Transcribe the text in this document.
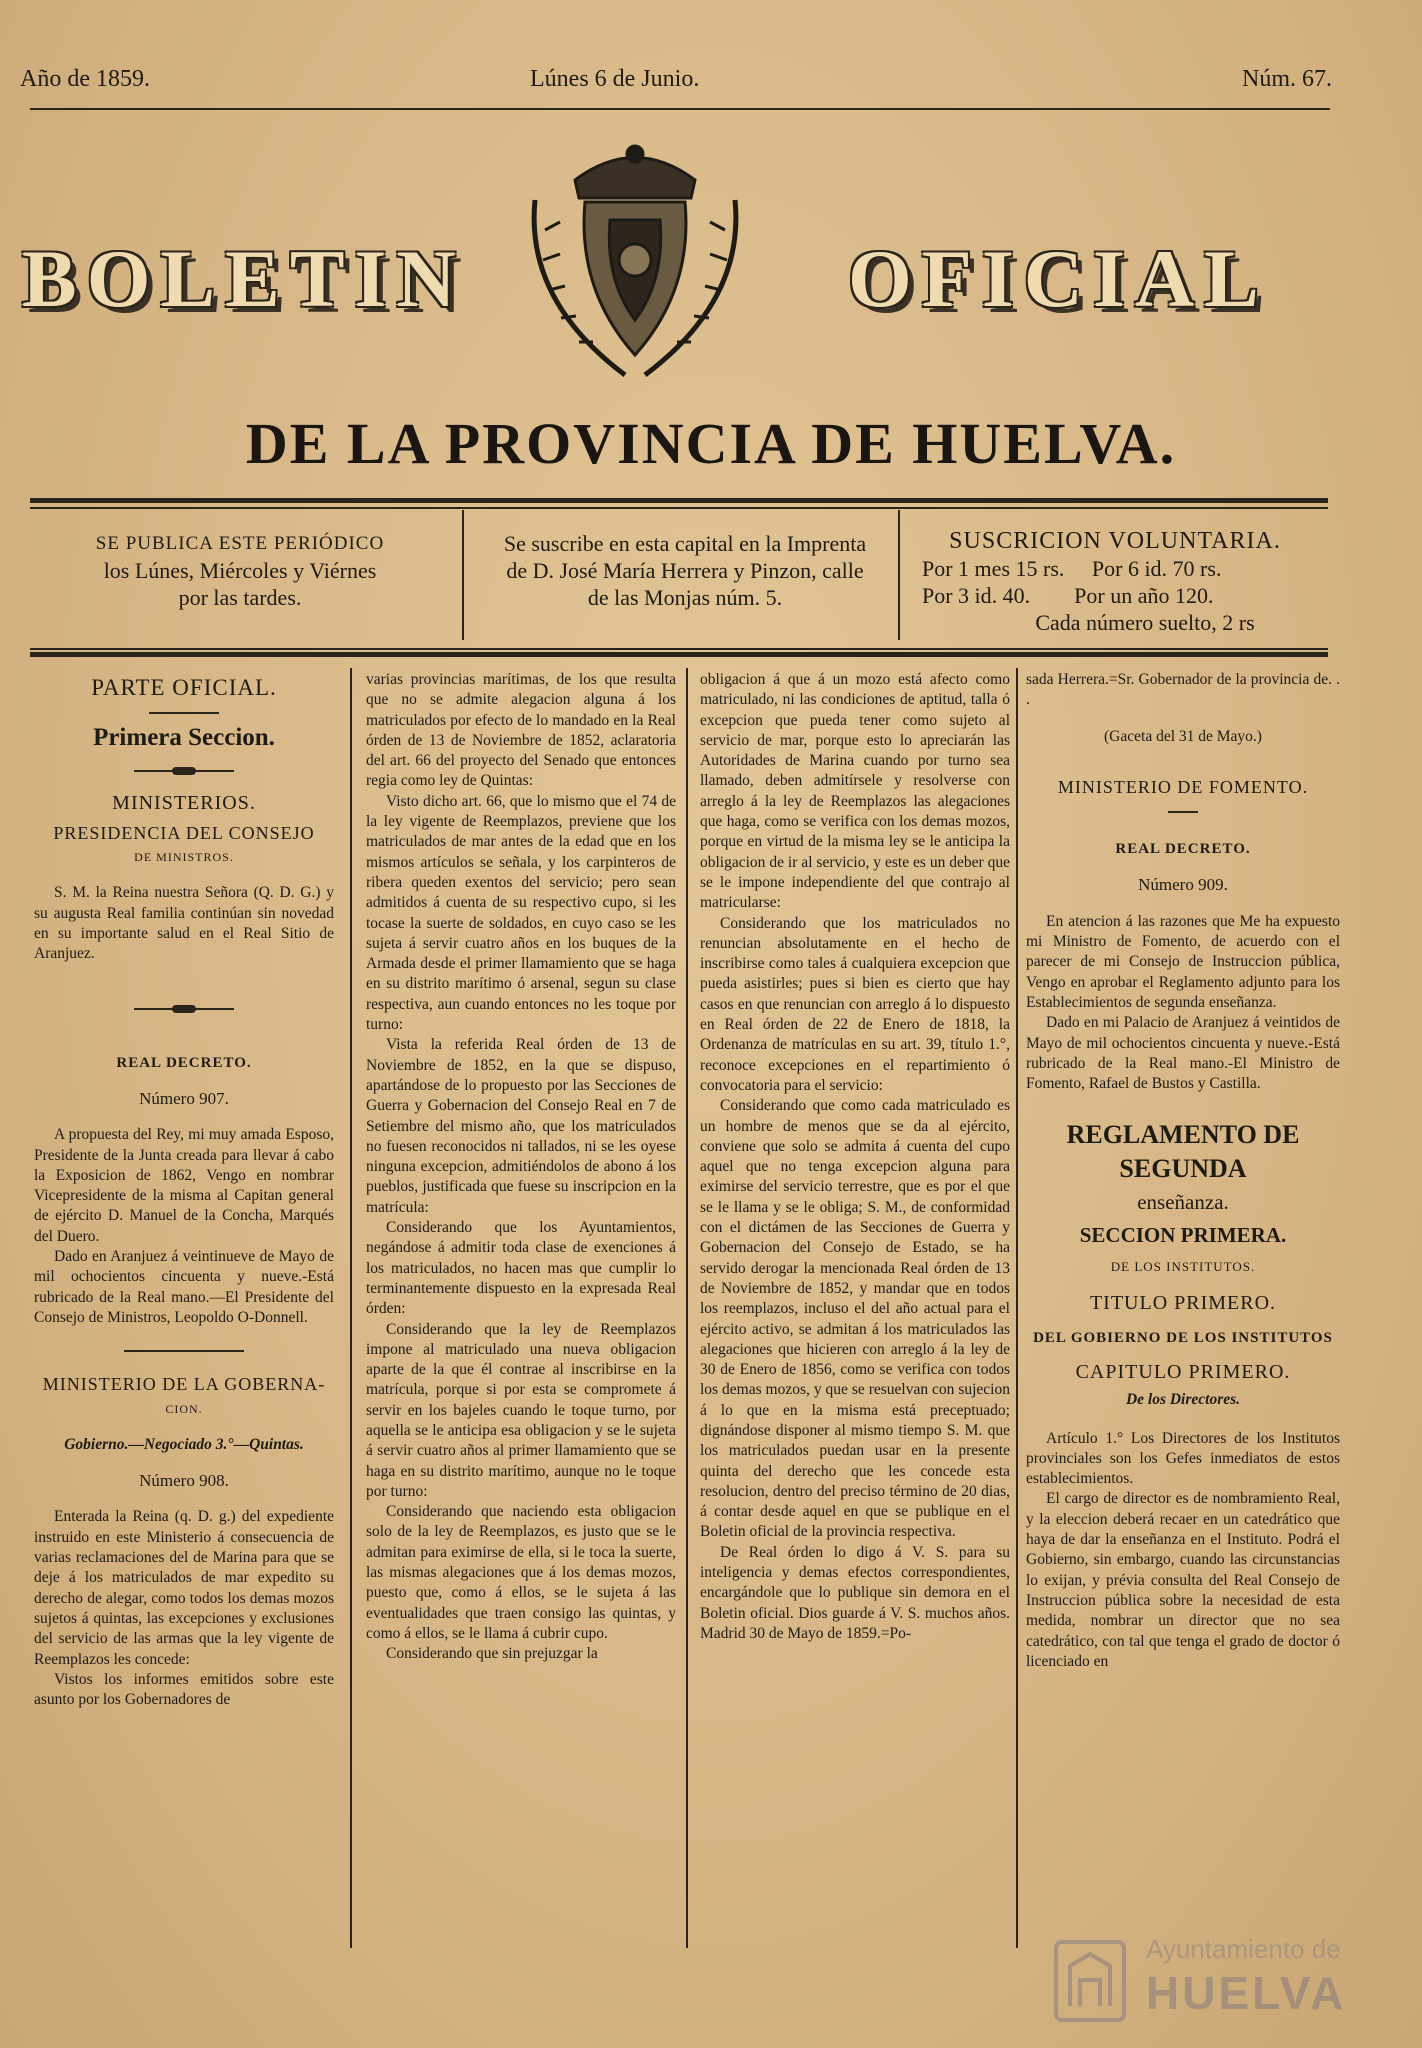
Año de 1859.	Lúnes 6 de Junio.	Núm. 67.
BOLETIN	OFICIAL
DE LA PROVINCIA DE HUELVA.
SE PUBLICA ESTE PERIÓDICO
los Lúnes, Miércoles y Viérnes
por las tardes.
Se suscribe en esta capital en la Imprenta
de D. José María Herrera y Pinzon, calle
de las Monjas núm. 5.
SUSCRICION VOLUNTARIA.
Por 1 mes 15 rs.     Por 6 id. 70 rs.
Por 3 id. 40.        Por un año 120.
Cada número suelto, 2 rs
PARTE OFICIAL.
Primera Seccion.
MINISTERIOS.
PRESIDENCIA DEL CONSEJO
DE MINISTROS.

S. M. la Reina nuestra Señora (Q. D. G.) y su augusta Real familia continúan sin novedad en su importante salud en el Real Sitio de Aranjuez.

REAL DECRETO.
Número 907.

A propuesta del Rey, mi muy amada Esposo, Presidente de la Junta creada para llevar á cabo la Exposicion de 1862, Vengo en nombrar Vicepresidente de la misma al Capitan general de ejército D. Manuel de la Concha, Marqués del Duero.

Dado en Aranjuez á veintinueve de Mayo de mil ochocientos cincuenta y nueve.-Está rubricado de la Real mano.—El Presidente del Consejo de Ministros, Leopoldo O-Donnell.

MINISTERIO DE LA GOBERNA-
CION.

Gobierno.—Negociado 3.°—Quintas.

Número 908.

Enterada la Reina (q. D. g.) del expediente instruido en este Ministerio á consecuencia de varias reclamaciones del de Marina para que se deje á los matriculados de mar expedito su derecho de alegar, como todos los demas mozos sujetos á quintas, las excepciones y exclusiones del servicio de las armas que la ley vigente de Reemplazos les concede:

Vistos los informes emitidos sobre este asunto por los Gobernadores de

varias provincias marítimas, de los que resulta que no se admite alegacion alguna á los matriculados por efecto de lo mandado en la Real órden de 13 de Noviembre de 1852, aclaratoria del art. 66 del proyecto del Senado que entonces regia como ley de Quintas:

Visto dicho art. 66, que lo mismo que el 74 de la ley vigente de Reemplazos, previene que los matriculados de mar antes de la edad que en los mismos artículos se señala, y los carpinteros de ribera queden exentos del servicio; pero sean admitidos á cuenta de su respectivo cupo, si les tocase la suerte de soldados, en cuyo caso se les sujeta á servir cuatro años en los buques de la Armada desde el primer llamamiento que se haga en su distrito marítimo ó arsenal, segun su clase respectiva, aun cuando entonces no les toque por turno:

Vista la referida Real órden de 13 de Noviembre de 1852, en la que se dispuso, apartándose de lo propuesto por las Secciones de Guerra y Gobernacion del Consejo Real en 7 de Setiembre del mismo año, que los matriculados no fuesen reconocidos ni tallados, ni se les oyese ninguna excepcion, admitiéndolos de abono á los pueblos, justificada que fuese su inscripcion en la matrícula:

Considerando que los Ayuntamientos, negándose á admitir toda clase de exenciones á los matriculados, no hacen mas que cumplir lo terminantemente dispuesto en la expresada Real órden:

Considerando que la ley de Reemplazos impone al matriculado una nueva obligacion aparte de la que él contrae al inscribirse en la matrícula, porque si por esta se compromete á servir en los bajeles cuando le toque turno, por aquella se le anticipa esa obligacion y se le sujeta á servir cuatro años al primer llamamiento que se haga en su distrito marítimo, aunque no le toque por turno:

Considerando que naciendo esta obligacion solo de la ley de Reemplazos, es justo que se le admitan para eximirse de ella, si le toca la suerte, las mismas alegaciones que á los demas mozos, puesto que, como á ellos, se le sujeta á las eventualidades que traen consigo las quintas, y como á ellos, se le llama á cubrir cupo.

Considerando que sin prejuzgar la

obligacion á que á un mozo está afecto como matriculado, ni las condiciones de aptitud, talla ó excepcion que pueda tener como sujeto al servicio de mar, porque esto lo apreciarán las Autoridades de Marina cuando por turno sea llamado, deben admitírsele y resolverse con arreglo á la ley de Reemplazos las alegaciones que haga, como se verifica con los demas mozos, porque en virtud de la misma ley se le anticipa la obligacion de ir al servicio, y este es un deber que se le impone independiente del que contrajo al matricularse:

Considerando que los matriculados no renuncian absolutamente en el hecho de inscribirse como tales á cualquiera excepcion que pueda asistirles; pues si bien es cierto que hay casos en que renuncian con arreglo á lo dispuesto en Real órden de 22 de Enero de 1818, la Ordenanza de matrículas en su art. 39, título 1.°, reconoce excepciones en el repartimiento ó convocatoria para el servicio:

Considerando que como cada matriculado es un hombre de menos que se da al ejército, conviene que solo se admita á cuenta del cupo aquel que no tenga excepcion alguna para eximirse del servicio terrestre, que es por el que se le llama y se le obliga; S. M., de conformidad con el dictámen de las Secciones de Guerra y Gobernacion del Consejo de Estado, se ha servido derogar la mencionada Real órden de 13 de Noviembre de 1852, y mandar que en todos los reemplazos, incluso el del año actual para el ejército activo, se admitan á los matriculados las alegaciones que hicieren con arreglo á la ley de 30 de Enero de 1856, como se verifica con todos los demas mozos, y que se resuelvan con sujecion á lo que en la misma está preceptuado; dignándose disponer al mismo tiempo S. M. que los matriculados puedan usar en la presente quinta del derecho que les concede esta resolucion, dentro del preciso término de 20 dias, á contar desde aquel en que se publique en el Boletin oficial de la provincia respectiva.

De Real órden lo digo á V. S. para su inteligencia y demas efectos correspondientes, encargándole que lo publique sin demora en el Boletin oficial. Dios guarde á V. S. muchos años. Madrid 30 de Mayo de 1859.=Po-

sada Herrera.=Sr. Gobernador de la provincia de. . .

(Gaceta del 31 de Mayo.)

MINISTERIO DE FOMENTO.
REAL DECRETO.
Número 909.

En atencion á las razones que Me ha expuesto mi Ministro de Fomento, de acuerdo con el parecer de mi Consejo de Instruccion pública, Vengo en aprobar el Reglamento adjunto para los Establecimientos de segunda enseñanza.

Dado en mi Palacio de Aranjuez á veintidos de Mayo de mil ochocientos cincuenta y nueve.-Está rubricado de la Real mano.-El Ministro de Fomento, Rafael de Bustos y Castilla.

REGLAMENTO DE SEGUNDA
enseñanza.
SECCION PRIMERA.
DE LOS INSTITUTOS.
TITULO PRIMERO.
DEL GOBIERNO DE LOS INSTITUTOS
CAPITULO PRIMERO.

De los Directores.

Artículo 1.° Los Directores de los Institutos provinciales son los Gefes inmediatos de estos establecimientos.

El cargo de director es de nombramiento Real, y la eleccion deberá recaer en un catedrático que haya de dar la enseñanza en el Instituto. Podrá el Gobierno, sin embargo, cuando las circunstancias lo exijan, y prévia consulta del Real Consejo de Instruccion pública sobre la necesidad de esta medida, nombrar un director que no sea catedrático, con tal que tenga el grado de doctor ó licenciado en

Ayuntamiento de
HUELVA
